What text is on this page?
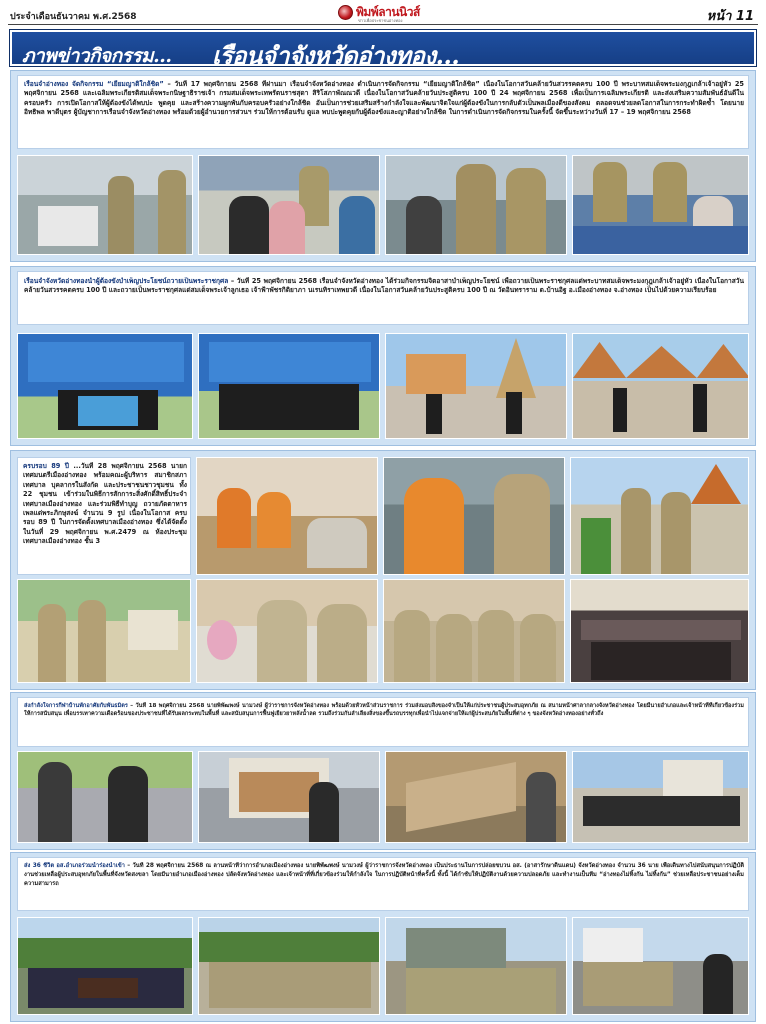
ประจำเดือนธันวาคม พ.ศ.2568	พิมพ์ลานนิวส์
ข่าวเพื่อประชาชนอ่างทอง	หน้า 11
ภาพข่าวกิจกรรม... เรือนจำจังหวัดอ่างทอง...
เรือนจำอ่างทอง จัดกิจกรรม “เยี่ยมญาติใกล้ชิด” – วันที่ 17 พฤศจิกายน 2568 ที่ผ่านมา เรือนจำจังหวัดอ่างทอง ดำเนินการจัดกิจกรรม “เยี่ยมญาติใกล้ชิด” เนื่องในโอกาสวันคล้ายวันสวรรคตครบ 100 ปี พระบาทสมเด็จพระมงกุฎเกล้าเจ้าอยู่หัว 25 พฤศจิกายน 2568 และเฉลิมพระเกียรติสมเด็จพระกนิษฐาธิราชเจ้า กรมสมเด็จพระเทพรัตนราชสุดา สิริโสภาพัณณวดี เนื่องในโอกาสวันคล้ายวันประสูติครบ 100 ปี 24 พฤศจิกายน 2568 เพื่อเป็นการเฉลิมพระเกียรติ และส่งเสริมความสัมพันธ์อันดีในครอบครัว การเปิดโอกาสให้ผู้ต้องขังได้พบปะ พูดคุย และสร้างความผูกพันกับครอบครัวอย่างใกล้ชิด อันเป็นการช่วยเสริมสร้างกำลังใจและพัฒนาจิตใจแก่ผู้ต้องขังในการกลับตัวเป็นพลเมืองดีของสังคม ตลอดจนช่วยลดโอกาสในการกระทำผิดซ้ำ โดยนายอิทธิพล พาดีบุตร ผู้บัญชาการเรือนจำจังหวัดอ่างทอง พร้อมด้วยผู้อำนวยการส่วนฯ ร่วมให้การต้อนรับ ดูแล พบปะพูดคุยกับผู้ต้องขังและญาติอย่างใกล้ชิด ในการดำเนินการจัดกิจกรรมในครั้งนี้ จัดขึ้นระหว่างวันที่ 17 – 19 พฤศจิกายน 2568
เรือนจำจังหวัดอ่างทองนำผู้ต้องขังบำเพ็ญประโยชน์ถวายเป็นพระราชกุศล – วันที่ 25 พฤศจิกายน 2568 เรือนจำจังหวัดอ่างทอง ได้ร่วมกิจกรรมจิตอาสาบำเพ็ญประโยชน์ เพื่อถวายเป็นพระราชกุศลแด่พระบาทสมเด็จพระมงกุฎเกล้าเจ้าอยู่หัว เนื่องในโอกาสวันคล้ายวันสวรรคตครบ 100 ปี และถวายเป็นพระราชกุศลแด่สมเด็จพระเจ้าลูกเธอ เจ้าฟ้าพัชรกิติยาภา นเรนทิราเทพยวดี เนื่องในโอกาสวันคล้ายวันประสูติครบ 100 ปี ณ วัดอินทราราม ต.บ้านอิฐ อ.เมืองอ่างทอง จ.อ่างทอง เป็นไปด้วยความเรียบร้อย
ครบรอบ 89 ปี ...วันที่ 28 พฤศจิกายน 2568 นายกเทศมนตรีเมืองอ่างทอง พร้อมคณะผู้บริหาร สมาชิกสภาเทศบาล บุคลากรในสังกัด และประชาชนชาวชุมชน ทั้ง 22 ชุมชน เข้าร่วมในพิธีการสักการะสิ่งศักดิ์สิทธิ์ประจำเทศบาลเมืองอ่างทอง และร่วมพิธีทำบุญ ถวายภัตตาหารเพลแด่พระภิกษุสงฆ์ จำนวน 9 รูป เนื่องในโอกาส ครบรอบ 89 ปี ในการจัดตั้งเทศบาลเมืองอ่างทอง ซึ่งได้จัดตั้งในวันที่ 29 พฤศจิกายน พ.ศ.2479 ณ ห้องประชุมเทศบาลเมืองอ่างทอง ชั้น 3
ส่งกำลังใจการกีฬาบ้านพักอาศัยกับพันธมิตร – วันที่ 18 พฤศจิกายน 2568 นายพิพัฒพงษ์ นามวงษ์ ผู้ว่าราชการจังหวัดอ่างทอง พร้อมด้วยหัวหน้าส่วนราชการ ร่วมส่งมอบสิ่งของจำเป็นให้แก่ประชาชนผู้ประสบอุทกภัย ณ สนามหน้าศาลากลางจังหวัดอ่างทอง โดยมีนายอำเภอและเจ้าหน้าที่ที่เกี่ยวข้องร่วมให้การสนับสนุน เพื่อบรรเทาความเดือดร้อนของประชาชนที่ได้รับผลกระทบในพื้นที่ และสนับสนุนการฟื้นฟูเยียวยาหลังน้ำลด รวมถึงร่วมกันลำเลียงสิ่งของขึ้นรถบรรทุกเพื่อนำไปแจกจ่ายให้แก่ผู้ประสบภัยในพื้นที่ต่าง ๆ ของจังหวัดอ่างทองอย่างทั่วถึง
ส่ง 36 ชีวิต อส.อำเภอร่วมนำร่องนำเข้า – วันที่ 28 พฤศจิกายน 2568 ณ ลานหน้าที่ว่าการอำเภอเมืองอ่างทอง นายพิพัฒพงษ์ นามวงษ์ ผู้ว่าราชการจังหวัดอ่างทอง เป็นประธานในการปล่อยขบวน อส. (อาสารักษาดินแดน) จังหวัดอ่างทอง จำนวน 36 นาย เพื่อเดินทางไปสนับสนุนการปฏิบัติงานช่วยเหลือผู้ประสบอุทกภัยในพื้นที่จังหวัดสงขลา โดยมีนายอำเภอเมืองอ่างทอง ปลัดจังหวัดอ่างทอง และเจ้าหน้าที่ที่เกี่ยวข้องร่วมให้กำลังใจ ในการปฏิบัติหน้าที่ครั้งนี้ ทั้งนี้ ได้กำชับให้ปฏิบัติงานด้วยความปลอดภัย และทำงานเป็นทีม “อ่างทองไม่ทิ้งกัน ไม่ทิ้งกัน” ช่วยเหลือประชาชนอย่างเต็มความสามารถ
